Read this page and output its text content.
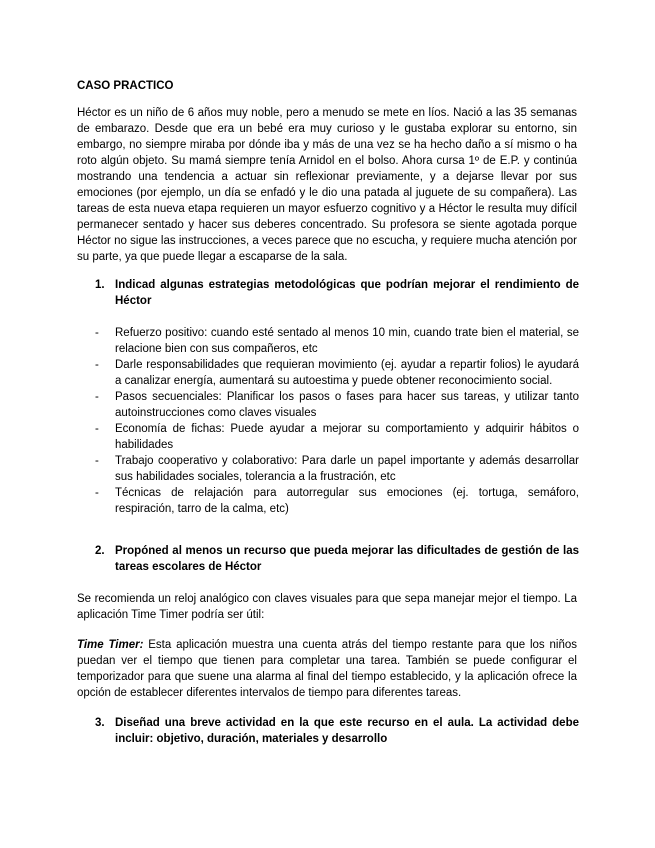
CASO PRACTICO

Héctor es un niño de 6 años muy noble, pero a menudo se mete en líos. Nació a las 35 semanas de embarazo. Desde que era un bebé era muy curioso y le gustaba explorar su entorno, sin embargo, no siempre miraba por dónde iba y más de una vez se ha hecho daño a sí mismo o ha roto algún objeto. Su mamá siempre tenía Arnidol en el bolso. Ahora cursa 1º de E.P. y continúa mostrando una tendencia a actuar sin reflexionar previamente, y a dejarse llevar por sus emociones (por ejemplo, un día se enfadó y le dio una patada al juguete de su compañera). Las tareas de esta nueva etapa requieren un mayor esfuerzo cognitivo y a Héctor le resulta muy difícil permanecer sentado y hacer sus deberes concentrado. Su profesora se siente agotada porque Héctor no sigue las instrucciones, a veces parece que no escucha, y requiere mucha atención por su parte, ya que puede llegar a escaparse de la sala.

1. Indicad algunas estrategias metodológicas que podrían mejorar el rendimiento de Héctor
- Refuerzo positivo: cuando esté sentado al menos 10 min, cuando trate bien el material, se relacione bien con sus compañeros, etc
- Darle responsabilidades que requieran movimiento (ej. ayudar a repartir folios) le ayudará a canalizar energía, aumentará su autoestima y puede obtener reconocimiento social.
- Pasos secuenciales: Planificar los pasos o fases para hacer sus tareas, y utilizar tanto autoinstrucciones como claves visuales
- Economía de fichas: Puede ayudar a mejorar su comportamiento y adquirir hábitos o habilidades
- Trabajo cooperativo y colaborativo: Para darle un papel importante y además desarrollar sus habilidades sociales, tolerancia a la frustración, etc
- Técnicas de relajación para autorregular sus emociones (ej. tortuga, semáforo, respiración, tarro de la calma, etc)
2. Propóned al menos un recurso que pueda mejorar las dificultades de gestión de las tareas escolares de Héctor

Se recomienda un reloj analógico con claves visuales para que sepa manejar mejor el tiempo. La aplicación Time Timer podría ser útil:

Time Timer: Esta aplicación muestra una cuenta atrás del tiempo restante para que los niños puedan ver el tiempo que tienen para completar una tarea. También se puede configurar el temporizador para que suene una alarma al final del tiempo establecido, y la aplicación ofrece la opción de establecer diferentes intervalos de tiempo para diferentes tareas.

3. Diseñad una breve actividad en la que este recurso en el aula. La actividad debe incluir: objetivo, duración, materiales y desarrollo
